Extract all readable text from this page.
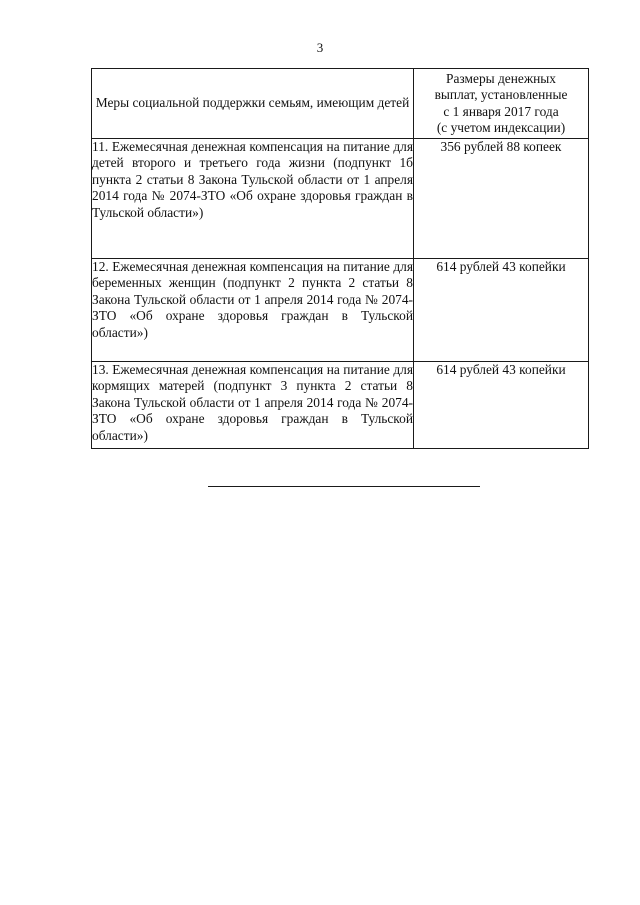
3
Меры социальной поддержки семьям, имеющим детей	Размеры денежных
выплат, установленные
с 1 января 2017 года
(с учетом индексации)
11. Ежемесячная денежная компенсация на питание для детей второго и третьего года жизни (подпункт 1б пункта 2 статьи 8 Закона Тульской области от 1 апреля 2014 года № 2074-ЗТО «Об охране здоровья граждан в Тульской области»)	356 рублей 88 копеек
12. Ежемесячная денежная компенсация на питание для беременных женщин (подпункт 2 пункта 2 статьи 8 Закона Тульской области от 1 апреля 2014 года № 2074-ЗТО «Об охране здоровья граждан в Тульской области»)	614 рублей 43 копейки
13. Ежемесячная денежная компенсация на питание для кормящих матерей (подпункт 3 пункта 2 статьи 8 Закона Тульской области от 1 апреля 2014 года № 2074-ЗТО «Об охране здоровья граждан в Тульской области»)	614 рублей 43 копейки
